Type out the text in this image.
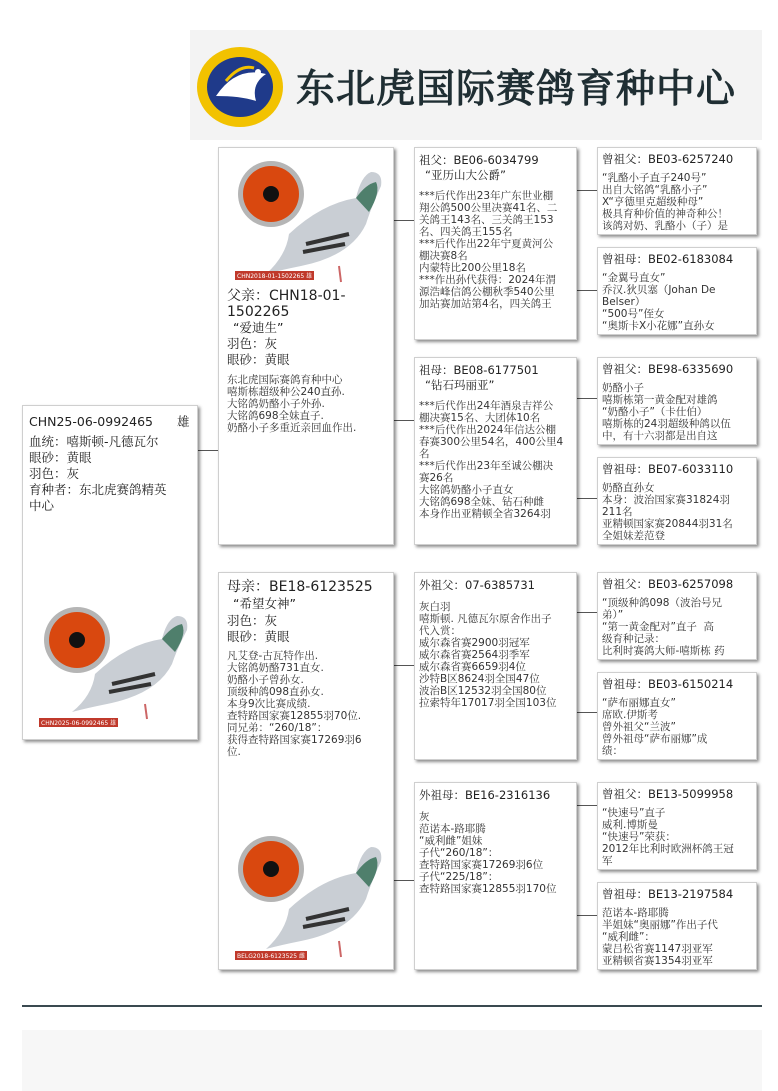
东北虎国际赛鸽育种中心
CHN25-06-0992465 雄
血统：嘻斯顿-凡德瓦尔
眼砂：黄眼
羽色：灰
育种者：东北虎赛鸽精英
中心
CHN2025-06-0992465 雄
CHN2018-01-1502265 雄
父亲：CHN18-01-
1502265
“爱迪生”
羽色：灰
眼砂：黄眼
东北虎国际赛鸽育种中心
嘻斯栋超级种公240直孙.
大铭鸽奶酪小子外孙.
大铭鸽698全妹直子.
奶酪小子多重近亲回血作出.
母亲：BE18-6123525
“希望女神”
羽色：灰
眼砂：黄眼
凡艾登-古瓦特作出.
大铭鸽奶酪731直女.
奶酪小子曾孙女.
顶级种鸽098直孙女.
本身9次比赛成绩.
查特路国家赛12855羽70位.
同兄弟：“260/18”：
获得查特路国家赛17269羽6
位.
BELG2018-6123525 雌
祖父：BE06-6034799
“亚历山大公爵”
***后代作出23年广东世业棚
翔公鸽500公里决赛41名、二
关鸽王143名、三关鸽王153
名、四关鸽王155名
***后代作出22年宁夏黄河公
棚决赛8名
内蒙特比200公里18名
***作出孙代获得：2024年渭
源浩峰信鸽公棚秋季540公里
加站赛加站第4名，四关鸽王
祖母：BE08-6177501
“钻石玛丽亚”
***后代作出24年酒泉吉祥公
棚决赛15名、大团体10名
***后代作出2024年信达公棚
春赛300公里54名，400公里4
名
***后代作出23年至诚公棚决
赛26名
大铭鸽奶酪小子直女
大铭鸽698全妹、钻石种雌
本身作出亚精顿全省3264羽
外祖父：07-6385731
灰白羽
嘻斯顿. 凡德瓦尔原舍作出子
代入赏：
威尔森省赛2900羽冠军
威尔森省赛2564羽季军
威尔森省赛6659羽4位
沙特B区8624羽全国47位
波治B区12532羽全国80位
拉索特年17017羽全国103位
外祖母：BE16-2316136
灰
范诺本-路耶腾
“威利雌”姐妹
子代“260/18”：
查特路国家赛17269羽6位
子代“225/18”：
查特路国家赛12855羽170位
曾祖父：BE03-6257240
“乳酪小子直子240号”
出自大铭鸽“乳酪小子”
X“亨德里克超级种母”
极具育种价值的神奇种公！
该鸽对奶、乳酪小（子）是
曾祖母：BE02-6183084
“金翼号直女”
乔汉.狄贝塞（Johan De
Belser）
“500号”侄女
“奥斯卡X小花娜”直孙女
曾祖父：BE98-6335690
奶酪小子
嘻斯栋第一黄金配对雄鸽
“奶酪小子”（卡仕伯）
嘻斯栋的24羽超级种鸽以伍
中，有十六羽都是出自这
曾祖母：BE07-6033110
奶酪直孙女
本身：波治国家赛31824羽
211名
亚精顿国家赛20844羽31名
全姐妹差范登
曾祖父：BE03-6257098
“顶级种鸽098（波治号兄
弟）”
“第一黄金配对”直子  高
级育种记录：
比利时赛鸽大师-嘻斯栋 药
曾祖母：BE03-6150214
“萨布丽娜直女”
席欧.伊斯考
曾外祖父“兰波”
曾外祖母“萨布丽娜”成
绩：
曾祖父：BE13-5099958
“快速号”直子
威利.博斯曼
“快速号”荣获：
2012年比利时欧洲杯鸽王冠
军
曾祖母：BE13-2197584
范诺本-路耶腾
半姐妹“奥丽娜”作出子代
“威利雌”：
蒙吕松省赛1147羽亚军
亚精顿省赛1354羽亚军
